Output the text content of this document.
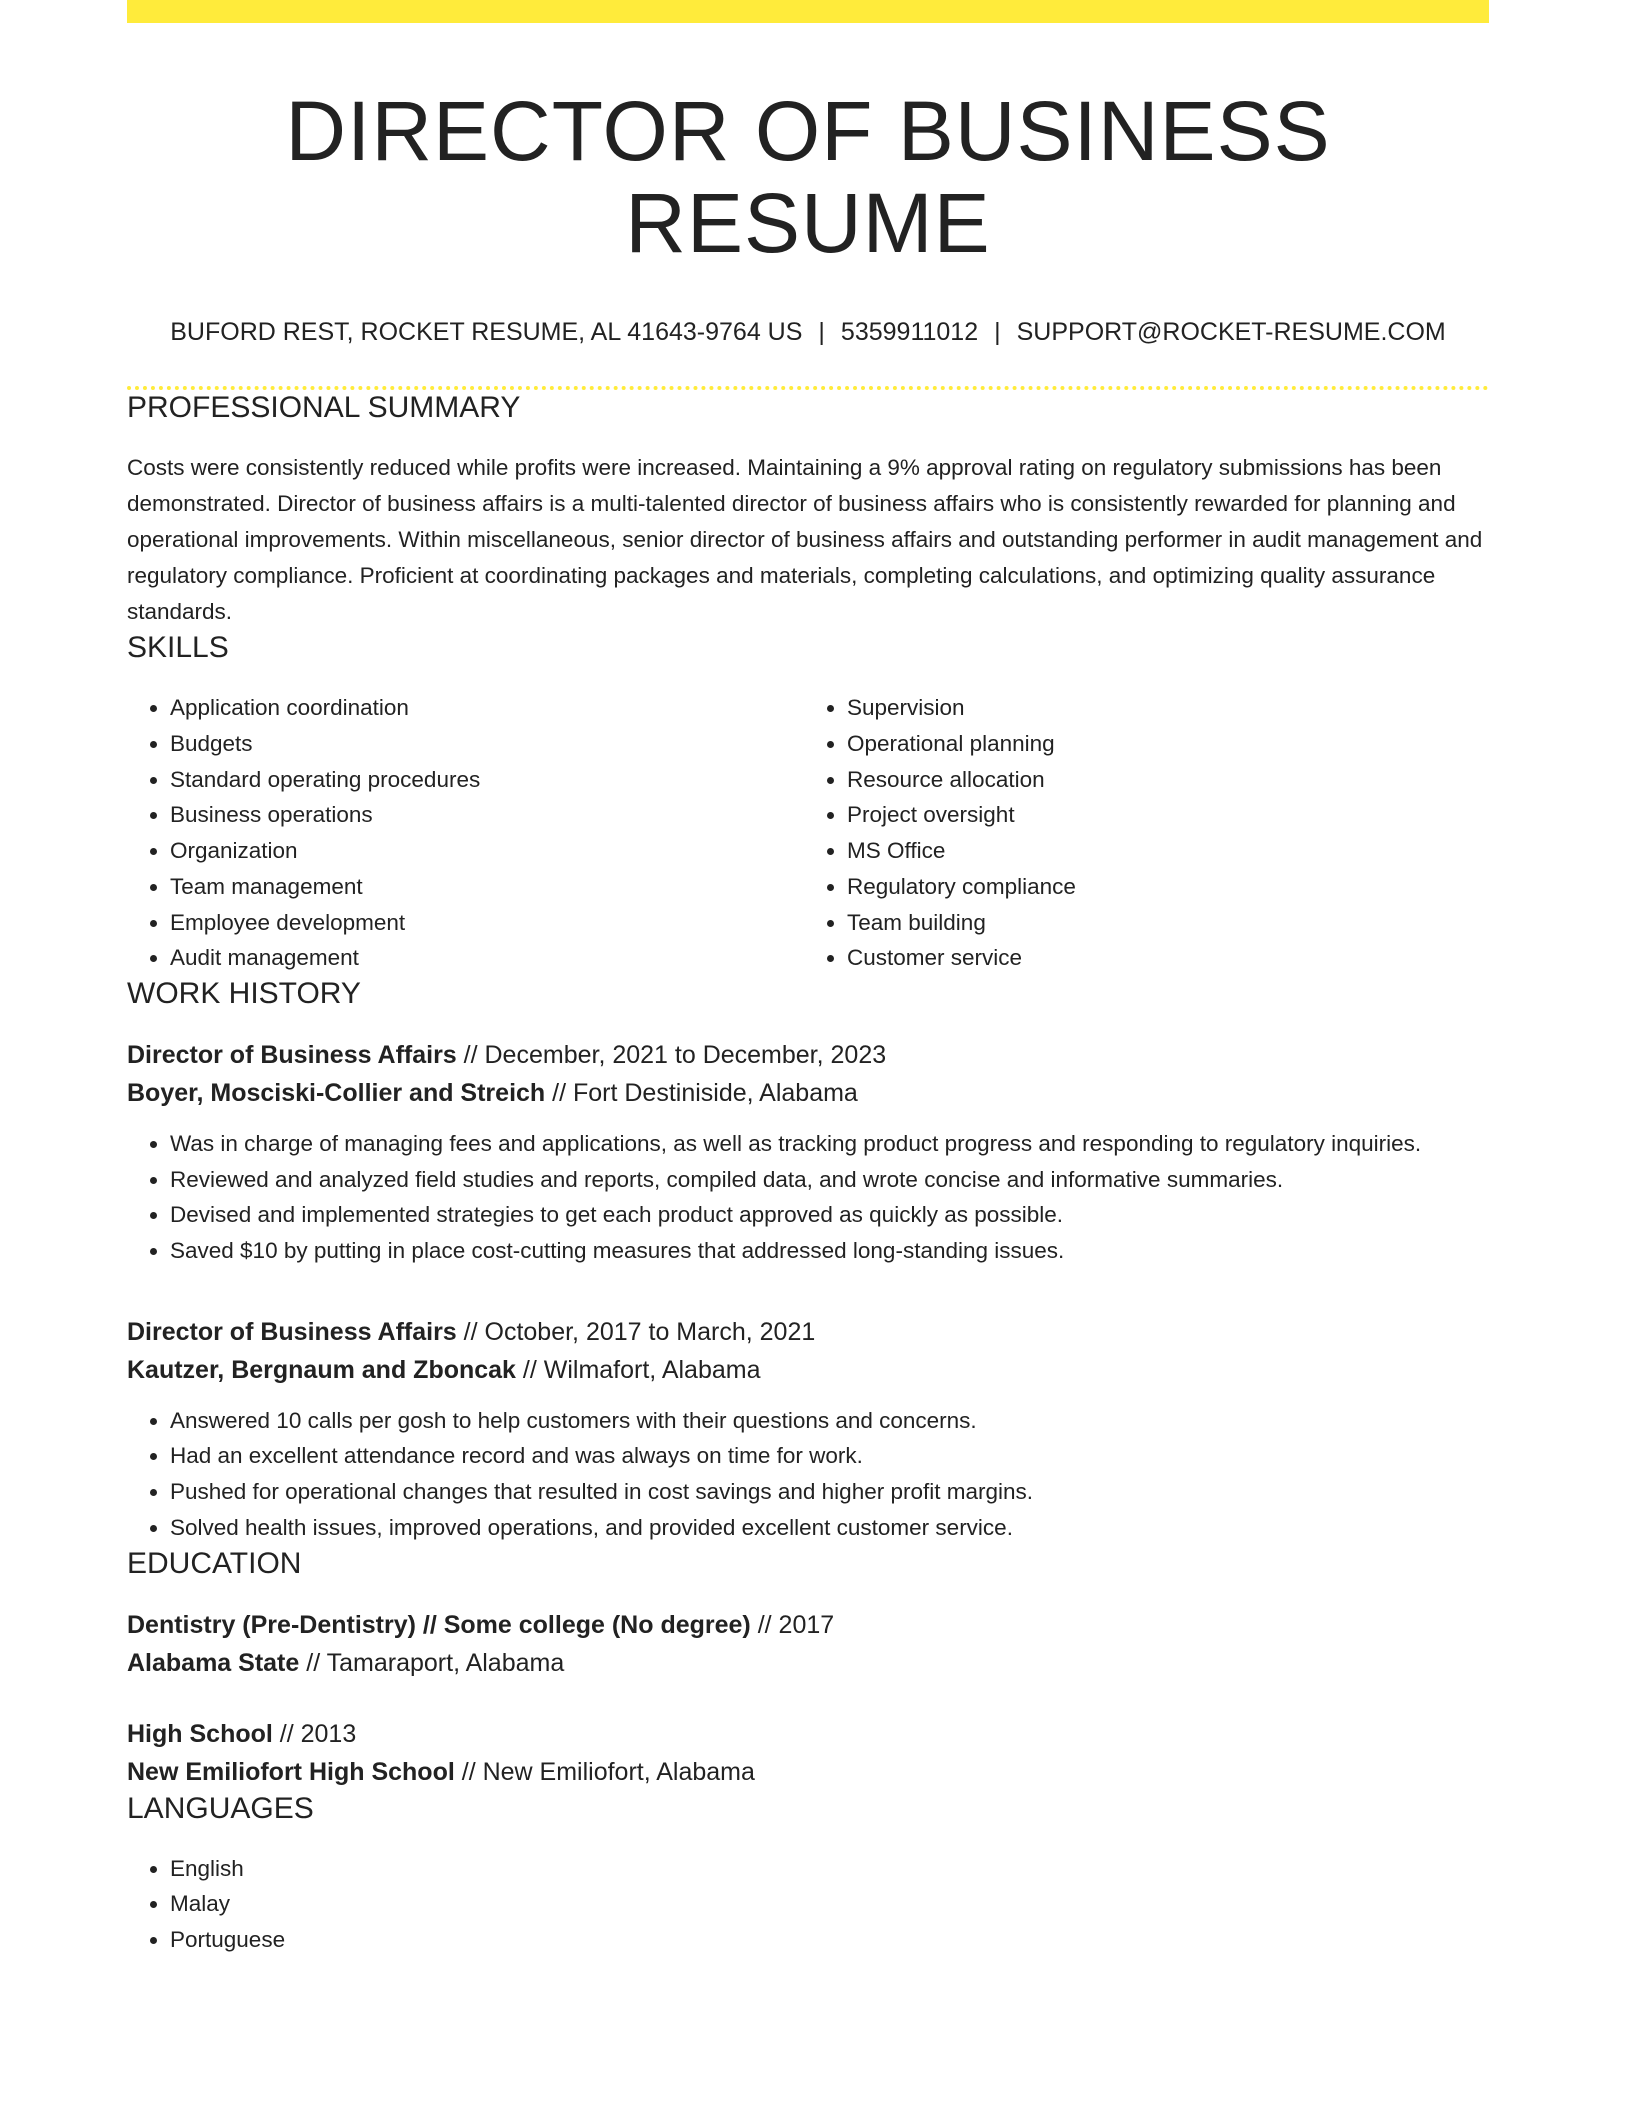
DIRECTOR OF BUSINESS RESUME
BUFORD REST, ROCKET RESUME, AL 41643-9764 US | 5359911012 | SUPPORT@ROCKET-RESUME.COM
PROFESSIONAL SUMMARY

Costs were consistently reduced while profits were increased. Maintaining a 9% approval rating on regulatory submissions has been demonstrated. Director of business affairs is a multi-talented director of business affairs who is consistently rewarded for planning and operational improvements. Within miscellaneous, senior director of business affairs and outstanding performer in audit management and regulatory compliance. Proficient at coordinating packages and materials, completing calculations, and optimizing quality assurance standards.

SKILLS
• Application coordination
• Budgets
• Standard operating procedures
• Business operations
• Organization
• Team management
• Employee development
• Audit management
• Supervision
• Operational planning
• Resource allocation
• Project oversight
• MS Office
• Regulatory compliance
• Team building
• Customer service
WORK HISTORY
Director of Business Affairs // December, 2021 to December, 2023
Boyer, Mosciski-Collier and Streich // Fort Destiniside, Alabama
• Was in charge of managing fees and applications, as well as tracking product progress and responding to regulatory inquiries.
• Reviewed and analyzed field studies and reports, compiled data, and wrote concise and informative summaries.
• Devised and implemented strategies to get each product approved as quickly as possible.
• Saved $10 by putting in place cost-cutting measures that addressed long-standing issues.
Director of Business Affairs // October, 2017 to March, 2021
Kautzer, Bergnaum and Zboncak // Wilmafort, Alabama
• Answered 10 calls per gosh to help customers with their questions and concerns.
• Had an excellent attendance record and was always on time for work.
• Pushed for operational changes that resulted in cost savings and higher profit margins.
• Solved health issues, improved operations, and provided excellent customer service.
EDUCATION
Dentistry (Pre-Dentistry) // Some college (No degree) // 2017
Alabama State // Tamaraport, Alabama
High School // 2013
New Emiliofort High School // New Emiliofort, Alabama
LANGUAGES
• English
• Malay
• Portuguese
